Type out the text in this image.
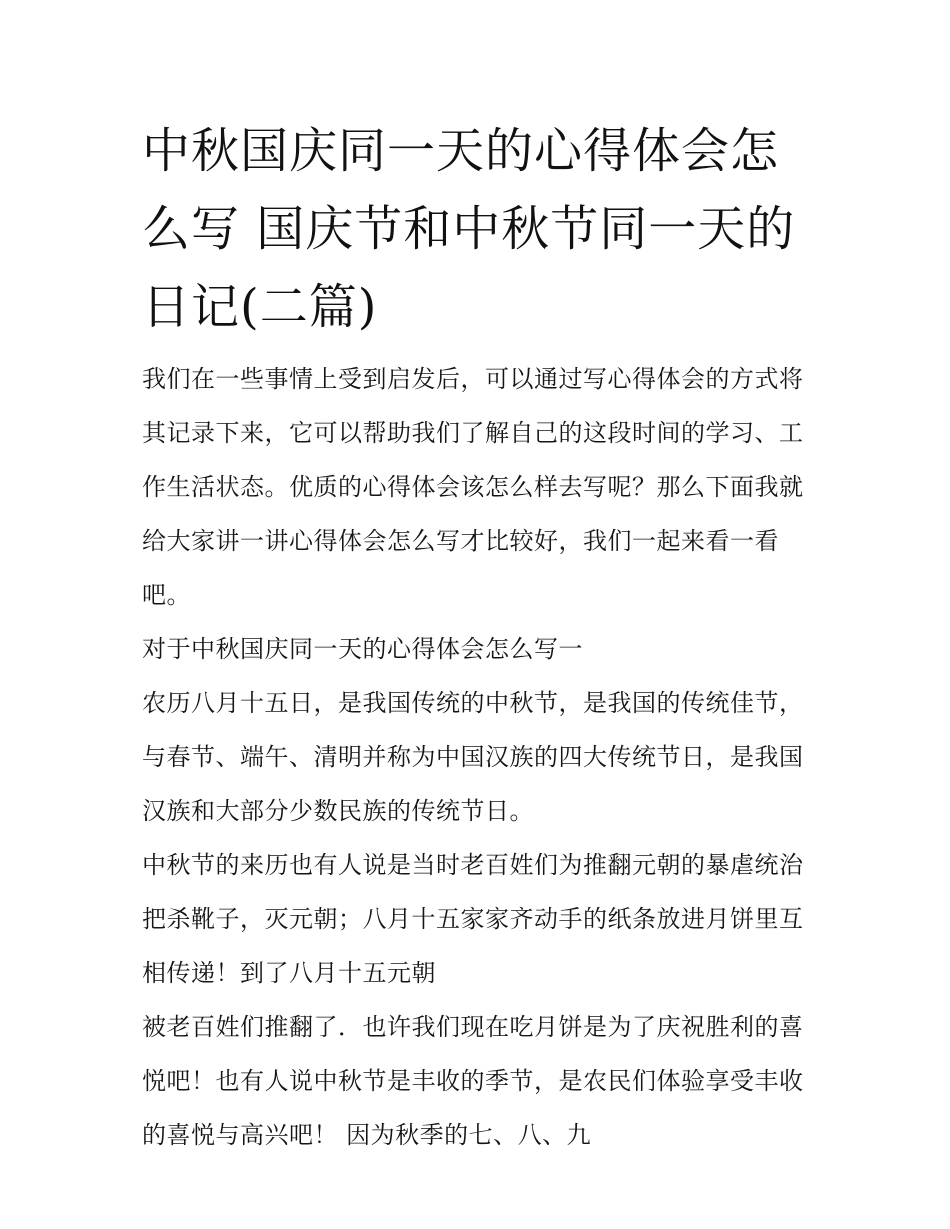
中秋国庆同一天的心得体会怎
么写 国庆节和中秋节同一天的
日记(二篇)

我们在一些事情上受到启发后，可以通过写心得体会的方式将
其记录下来，它可以帮助我们了解自己的这段时间的学习、工
作生活状态。优质的心得体会该怎么样去写呢？那么下面我就
给大家讲一讲心得体会怎么写才比较好，我们一起来看一看
吧。

对于中秋国庆同一天的心得体会怎么写一

农历八月十五日，是我国传统的中秋节，是我国的传统佳节，
与春节、端午、清明并称为中国汉族的四大传统节日，是我国
汉族和大部分少数民族的传统节日。

中秋节的来历也有人说是当时老百姓们为推翻元朝的暴虐统治
把杀靴子，灭元朝；八月十五家家齐动手的纸条放进月饼里互
相传递！到了八月十五元朝

被老百姓们推翻了．也许我们现在吃月饼是为了庆祝胜利的喜
悦吧！也有人说中秋节是丰收的季节，是农民们体验享受丰收
的喜悦与高兴吧！ 因为秋季的七、八、九
